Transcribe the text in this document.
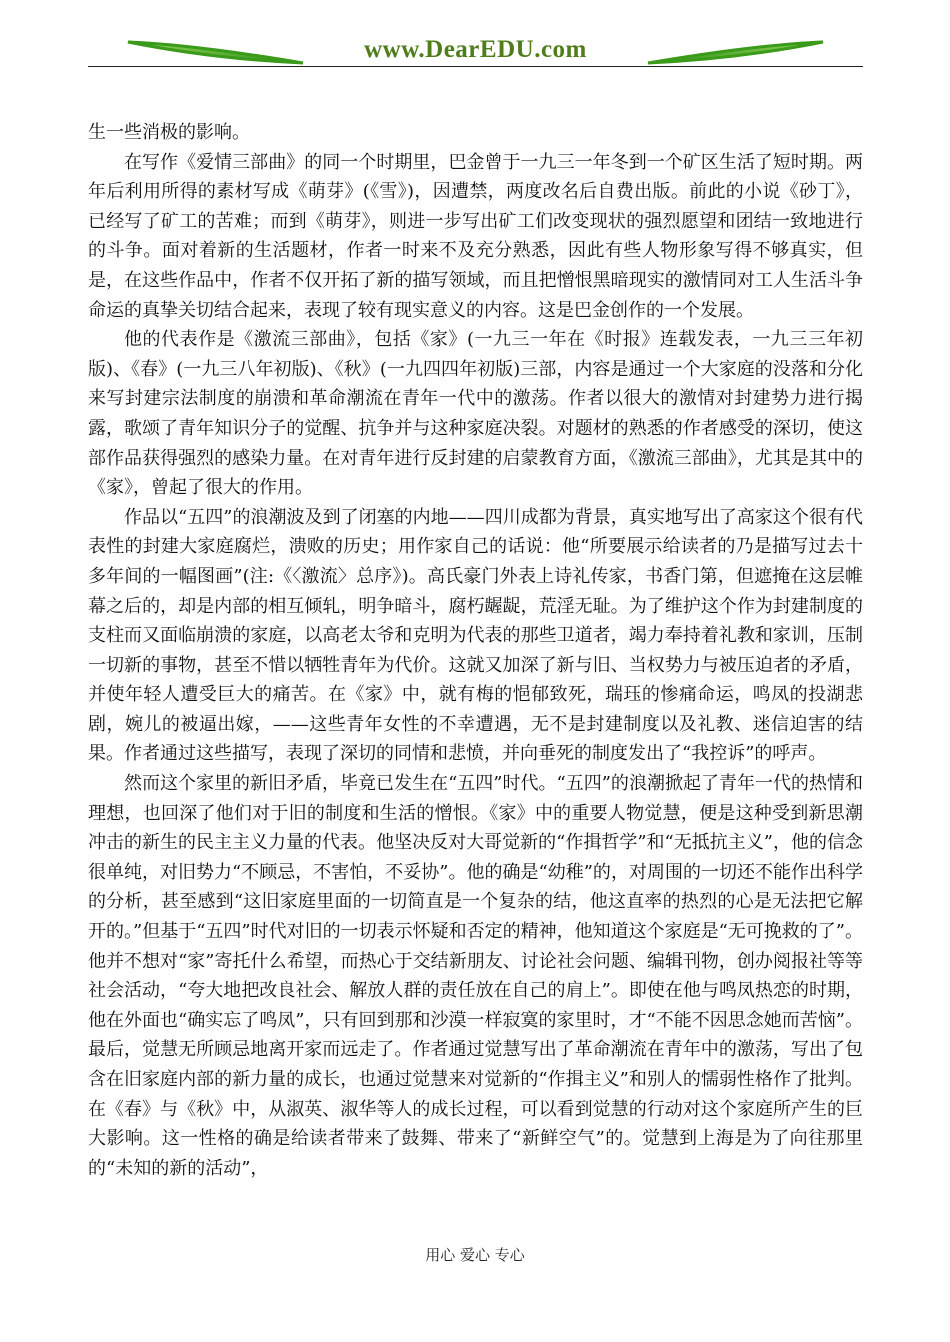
www.DearEDU.com

生一些消极的影响。

在写作《爱情三部曲》的同一个时期里，巴金曾于一九三一年冬到一个矿区生活了短时期。两年后利用所得的素材写成《萌芽》(《雪》)，因遭禁，两度改名后自费出版。前此的小说《砂丁》，已经写了矿工的苦难；而到《萌芽》，则进一步写出矿工们改变现状的强烈愿望和团结一致地进行的斗争。面对着新的生活题材，作者一时来不及充分熟悉，因此有些人物形象写得不够真实，但是，在这些作品中，作者不仅开拓了新的描写领域，而且把憎恨黑暗现实的激情同对工人生活斗争命运的真挚关切结合起来，表现了较有现实意义的内容。这是巴金创作的一个发展。

他的代表作是《激流三部曲》，包括《家》(一九三一年在《时报》连载发表，一九三三年初版)、《春》(一九三八年初版)、《秋》(一九四四年初版)三部，内容是通过一个大家庭的没落和分化来写封建宗法制度的崩溃和革命潮流在青年一代中的激荡。作者以很大的激情对封建势力进行揭露，歌颂了青年知识分子的觉醒、抗争并与这种家庭决裂。对题材的熟悉的作者感受的深切，使这部作品获得强烈的感染力量。在对青年进行反封建的启蒙教育方面，《激流三部曲》，尤其是其中的《家》，曾起了很大的作用。

作品以“五四”的浪潮波及到了闭塞的内地——四川成都为背景，真实地写出了高家这个很有代表性的封建大家庭腐烂，溃败的历史；用作家自己的话说：他“所要展示给读者的乃是描写过去十多年间的一幅图画”(注:《〈激流〉总序》)。高氏豪门外表上诗礼传家，书香门第，但遮掩在这层帷幕之后的，却是内部的相互倾轧，明争暗斗，腐朽龌龊，荒淫无耻。为了维护这个作为封建制度的支柱而又面临崩溃的家庭，以高老太爷和克明为代表的那些卫道者，竭力奉持着礼教和家训，压制一切新的事物，甚至不惜以牺牲青年为代价。这就又加深了新与旧、当权势力与被压迫者的矛盾，并使年轻人遭受巨大的痛苦。在《家》中，就有梅的悒郁致死，瑞珏的惨痛命运，鸣凤的投湖悲剧，婉儿的被逼出嫁，——这些青年女性的不幸遭遇，无不是封建制度以及礼教、迷信迫害的结果。作者通过这些描写，表现了深切的同情和悲愤，并向垂死的制度发出了“我控诉”的呼声。

然而这个家里的新旧矛盾，毕竟已发生在“五四”时代。“五四”的浪潮掀起了青年一代的热情和理想，也回深了他们对于旧的制度和生活的憎恨。《家》中的重要人物觉慧，便是这种受到新思潮冲击的新生的民主主义力量的代表。他坚决反对大哥觉新的“作揖哲学”和“无抵抗主义”，他的信念很单纯，对旧势力“不顾忌，不害怕，不妥协”。他的确是“幼稚”的，对周围的一切还不能作出科学的分析，甚至感到“这旧家庭里面的一切简直是一个复杂的结，他这直率的热烈的心是无法把它解开的。”但基于“五四”时代对旧的一切表示怀疑和否定的精神，他知道这个家庭是“无可挽救的了”。他并不想对“家”寄托什么希望，而热心于交结新朋友、讨论社会问题、编辑刊物，创办阅报社等等社会活动，“夸大地把改良社会、解放人群的责任放在自己的肩上”。即使在他与鸣凤热恋的时期，他在外面也“确实忘了鸣凤”，只有回到那和沙漠一样寂寞的家里时，才“不能不因思念她而苦恼”。最后，觉慧无所顾忌地离开家而远走了。作者通过觉慧写出了革命潮流在青年中的激荡，写出了包含在旧家庭内部的新力量的成长，也通过觉慧来对觉新的“作揖主义”和别人的懦弱性格作了批判。在《春》与《秋》中，从淑英、淑华等人的成长过程，可以看到觉慧的行动对这个家庭所产生的巨大影响。这一性格的确是给读者带来了鼓舞、带来了“新鲜空气”的。觉慧到上海是为了向往那里的“未知的新的活动”，

用心 爱心 专心
